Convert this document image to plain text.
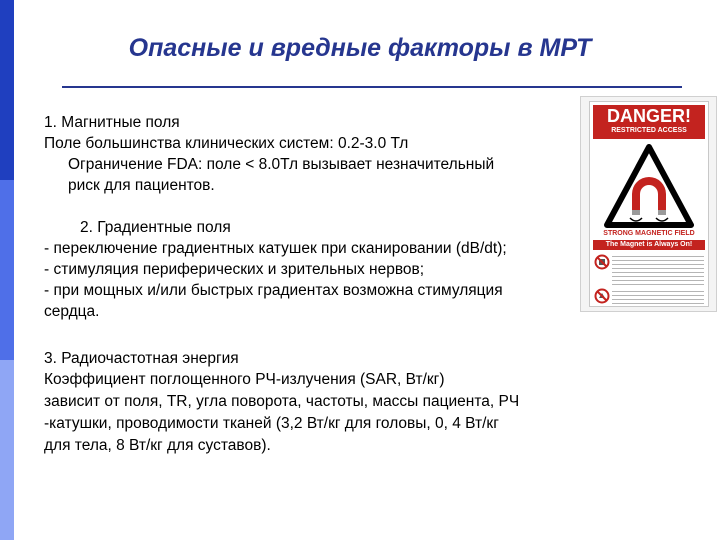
Опасные и вредные факторы в МРТ
1. Магнитные поля
Поле большинства клинических систем: 0.2-3.0 Тл
Ограничение FDA: поле < 8.0Тл вызывает незначительный
риск для пациентов.
2. Градиентные поля
- переключение градиентных катушек при сканировании (dB/dt);
- стимуляция периферических и зрительных нервов;
- при мощных и/или быстрых градиентах возможна стимуляция
сердца.
3. Радиочастотная энергия
Коэффициент поглощенного РЧ-излучения (SAR, Вт/кг)
зависит от поля, TR, угла поворота, частоты, массы пациента, РЧ
-катушки, проводимости тканей (3,2 Вт/кг для головы, 0, 4 Вт/кг
для тела, 8 Вт/кг для суставов).
DANGER!
RESTRICTED ACCESS
STRONG MAGNETIC FIELD
The Magnet is Always On!
